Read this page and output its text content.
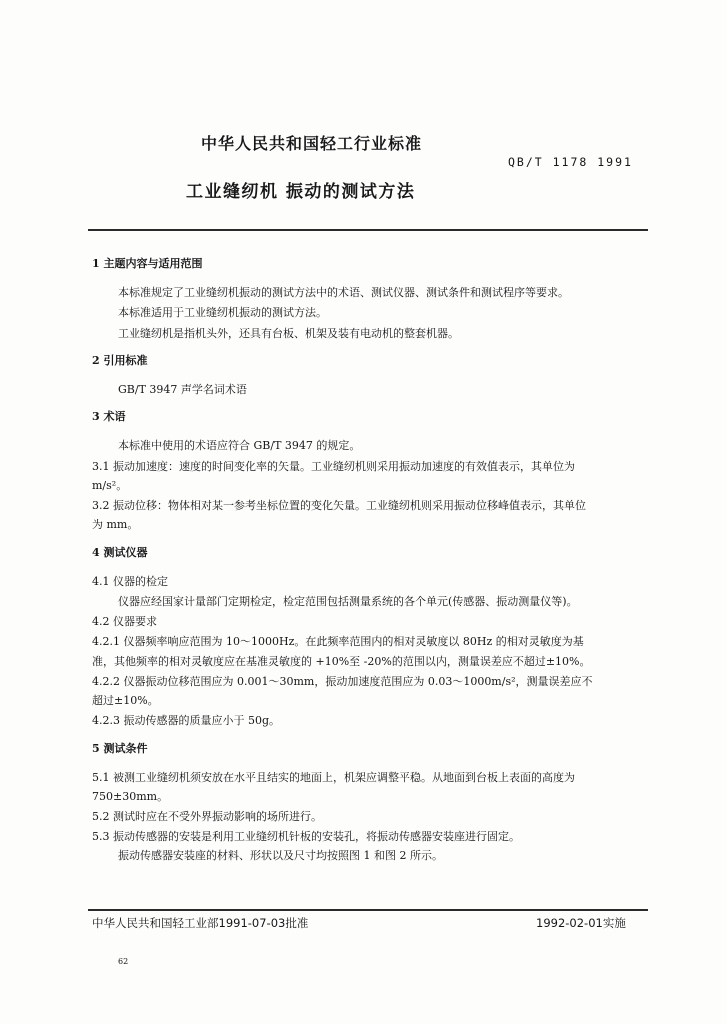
中华人民共和国轻工行业标准
QB/T 1178 1991
工业缝纫机 振动的测试方法
1 主题内容与适用范围
本标准规定了工业缝纫机振动的测试方法中的术语、测试仪器、测试条件和测试程序等要求。
本标准适用于工业缝纫机振动的测试方法。
工业缝纫机是指机头外，还具有台板、机架及装有电动机的整套机器。
2 引用标准
GB/T 3947 声学名词术语
3 术语
本标准中使用的术语应符合 GB/T 3947 的规定。
3.1 振动加速度：速度的时间变化率的矢量。工业缝纫机则采用振动加速度的有效值表示，其单位为
m/s²。
3.2 振动位移：物体相对某一参考坐标位置的变化矢量。工业缝纫机则采用振动位移峰值表示，其单位
为 mm。
4 测试仪器
4.1 仪器的检定
仪器应经国家计量部门定期检定，检定范围包括测量系统的各个单元(传感器、振动测量仪等)。
4.2 仪器要求
4.2.1 仪器频率响应范围为 10～1000Hz。在此频率范围内的相对灵敏度以 80Hz 的相对灵敏度为基
准，其他频率的相对灵敏度应在基准灵敏度的 +10%至 -20%的范围以内，测量误差应不超过±10%。
4.2.2 仪器振动位移范围应为 0.001～30mm，振动加速度范围应为 0.03～1000m/s²，测量误差应不
超过±10%。
4.2.3 振动传感器的质量应小于 50g。
5 测试条件
5.1 被测工业缝纫机须安放在水平且结实的地面上，机架应调整平稳。从地面到台板上表面的高度为
750±30mm。
5.2 测试时应在不受外界振动影响的场所进行。
5.3 振动传感器的安装是利用工业缝纫机针板的安装孔，将振动传感器安装座进行固定。
振动传感器安装座的材料、形状以及尺寸均按照图 1 和图 2 所示。
中华人民共和国轻工业部1991-07-03批准	1992-02-01实施
62
